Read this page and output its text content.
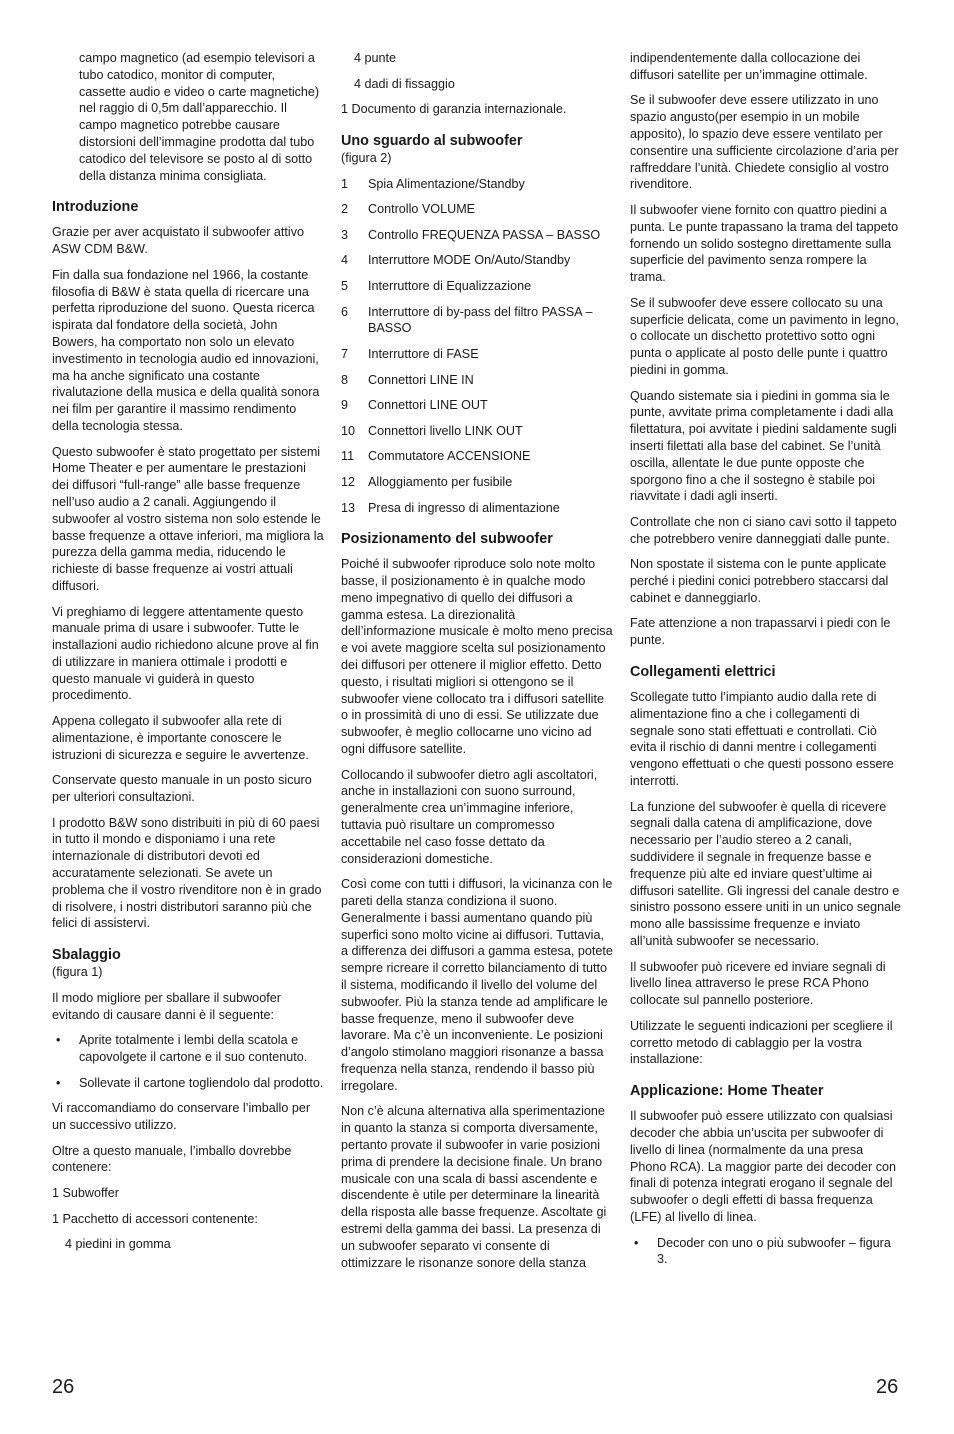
campo magnetico (ad esempio televisori a tubo catodico, monitor di computer, cassette audio e video o carte magnetiche) nel raggio di 0,5m dall’apparecchio. Il campo magnetico potrebbe causare distorsioni dell’immagine prodotta dal tubo catodico del televisore se posto al di sotto della distanza minima consigliata.

Introduzione

Grazie per aver acquistato il subwoofer attivo ASW CDM B&W.

Fin dalla sua fondazione nel 1966, la costante filosofia di B&W è stata quella di ricercare una perfetta riproduzione del suono. Questa ricerca ispirata dal fondatore della società, John Bowers, ha comportato non solo un elevato investimento in tecnologia audio ed innovazioni, ma ha anche significato una costante rivalutazione della musica e della qualità sonora nei film per garantire il massimo rendimento della tecnologia stessa.

Questo subwoofer è stato progettato per sistemi Home Theater e per aumentare le prestazioni dei diffusori “full-range” alle basse frequenze nell’uso audio a 2 canali. Aggiungendo il subwoofer al vostro sistema non solo estende le basse frequenze a ottave inferiori, ma migliora la purezza della gamma media, riducendo le richieste di basse frequenze ai vostri attuali diffusori.

Vi preghiamo di leggere attentamente questo manuale prima di usare i subwoofer. Tutte le installazioni audio richiedono alcune prove al fin di utilizzare in maniera ottimale i prodotti e questo manuale vi guiderà in questo procedimento.

Appena collegato il subwoofer alla rete di alimentazione, è importante conoscere le istruzioni di sicurezza e seguire le avvertenze.

Conservate questo manuale in un posto sicuro per ulteriori consultazioni.

I prodotto B&W sono distribuiti in più di 60 paesi in tutto il mondo e disponiamo i una rete internazionale di distributori devoti ed accuratamente selezionati. Se avete un problema che il vostro rivenditore non è in grado di risolvere, i nostri distributori saranno più che felici di assistervi.

Sbalaggio

(figura 1)

Il modo migliore per sballare il subwoofer evitando di causare danni è il seguente:

• Aprite totalmente i lembi della scatola e capovolgete il cartone e il suo contenuto.

• Sollevate il cartone togliendolo dal prodotto.

Vi raccomandiamo do conservare l’imballo per un successivo utilizzo.

Oltre a questo manuale, l’imballo dovrebbe contenere:

1 Subwoffer

1 Pacchetto di accessori contenente:

4 piedini in gomma

4 punte

4 dadi di fissaggio

1 Documento di garanzia internazionale.

Uno sguardo al subwoofer

(figura 2)

1 Spia Alimentazione/Standby

2 Controllo VOLUME

3 Controllo FREQUENZA PASSA – BASSO

4 Interruttore MODE On/Auto/Standby

5 Interruttore di Equalizzazione

6 Interruttore di by-pass del filtro PASSA – BASSO

7 Interruttore di FASE

8 Connettori LINE IN

9 Connettori LINE OUT

10 Connettori livello LINK OUT

11 Commutatore ACCENSIONE

12 Alloggiamento per fusibile

13 Presa di ingresso di alimentazione

Posizionamento del subwoofer

Poiché il subwoofer riproduce solo note molto basse, il posizionamento è in qualche modo meno impegnativo di quello dei diffusori a gamma estesa. La direzionalità dell’informazione musicale è molto meno precisa e voi avete maggiore scelta sul posizionamento dei diffusori per ottenere il miglior effetto. Detto questo, i risultati migliori si ottengono se il subwoofer viene collocato tra i diffusori satellite o in prossimità di uno di essi. Se utilizzate due subwoofer, è meglio collocarne uno vicino ad ogni diffusore satellite.

Collocando il subwoofer dietro agli ascoltatori, anche in installazioni con suono surround, generalmente crea un’immagine inferiore, tuttavia può risultare un compromesso accettabile nel caso fosse dettato da considerazioni domestiche.

Così come con tutti i diffusori, la vicinanza con le pareti della stanza condiziona il suono. Generalmente i bassi aumentano quando più superfici sono molto vicine ai diffusori. Tuttavia, a differenza dei diffusori a gamma estesa, potete sempre ricreare il corretto bilanciamento di tutto il sistema, modificando il livello del volume del subwoofer. Più la stanza tende ad amplificare le basse frequenze, meno il subwoofer deve lavorare. Ma c’è un inconveniente. Le posizioni d’angolo stimolano maggiori risonanze a bassa frequenza nella stanza, rendendo il basso più irregolare.

Non c’è alcuna alternativa alla sperimentazione in quanto la stanza si comporta diversamente, pertanto provate il subwoofer in varie posizioni prima di prendere la decisione finale. Un brano musicale con una scala di bassi ascendente e discendente è utile per determinare la linearità della risposta alle basse frequenze. Ascoltate gi estremi della gamma dei bassi. La presenza di un subwoofer separato vi consente di ottimizzare le risonanze sonore della stanza

indipendentemente dalla collocazione dei diffusori satellite per un’immagine ottimale.

Se il subwoofer deve essere utilizzato in uno spazio angusto(per esempio in un mobile apposito), lo spazio deve essere ventilato per consentire una sufficiente circolazione d’aria per raffreddare l’unità. Chiedete consiglio al vostro rivenditore.

Il subwoofer viene fornito con quattro piedini a punta. Le punte trapassano la trama del tappeto fornendo un solido sostegno direttamente sulla superficie del pavimento senza rompere la trama.

Se il subwoofer deve essere collocato su una superficie delicata, come un pavimento in legno, o collocate un dischetto protettivo sotto ogni punta o applicate al posto delle punte i quattro piedini in gomma.

Quando sistemate sia i piedini in gomma sia le punte, avvitate prima completamente i dadi alla filettatura, poi avvitate i piedini saldamente sugli inserti filettati alla base del cabinet. Se l’unità oscilla, allentate le due punte opposte che sporgono fino a che il sostegno è stabile poi riavvitate i dadi agli inserti.

Controllate che non ci siano cavi sotto il tappeto che potrebbero venire danneggiati dalle punte.

Non spostate il sistema con le punte applicate perché i piedini conici potrebbero staccarsi dal cabinet e danneggiarlo.

Fate attenzione a non trapassarvi i piedi con le punte.

Collegamenti elettrici

Scollegate tutto l’impianto audio dalla rete di alimentazione fino a che i collegamenti di segnale sono stati effettuati e controllati. Ciò evita il rischio di danni mentre i collegamenti vengono effettuati o che questi possono essere interrotti.

La funzione del subwoofer è quella di ricevere segnali dalla catena di amplificazione, dove necessario per l’audio stereo a 2 canali, suddividere il segnale in frequenze basse e frequenze più alte ed inviare quest’ultime ai diffusori satellite. Gli ingressi del canale destro e sinistro possono essere uniti in un unico segnale mono alle bassissime frequenze e inviato all’unità subwoofer se necessario.

Il subwoofer può ricevere ed inviare segnali di livello linea attraverso le prese RCA Phono collocate sul pannello posteriore.

Utilizzate le seguenti indicazioni per scegliere il corretto metodo di cablaggio per la vostra installazione:

Applicazione: Home Theater

Il subwoofer può essere utilizzato con qualsiasi decoder che abbia un’uscita per subwoofer di livello di linea (normalmente da una presa Phono RCA). La maggior parte dei decoder con finali di potenza integrati erogano il segnale del subwoofer o degli effetti di bassa frequenza (LFE) al livello di linea.

• Decoder con uno o più subwoofer – figura 3.

26	26
